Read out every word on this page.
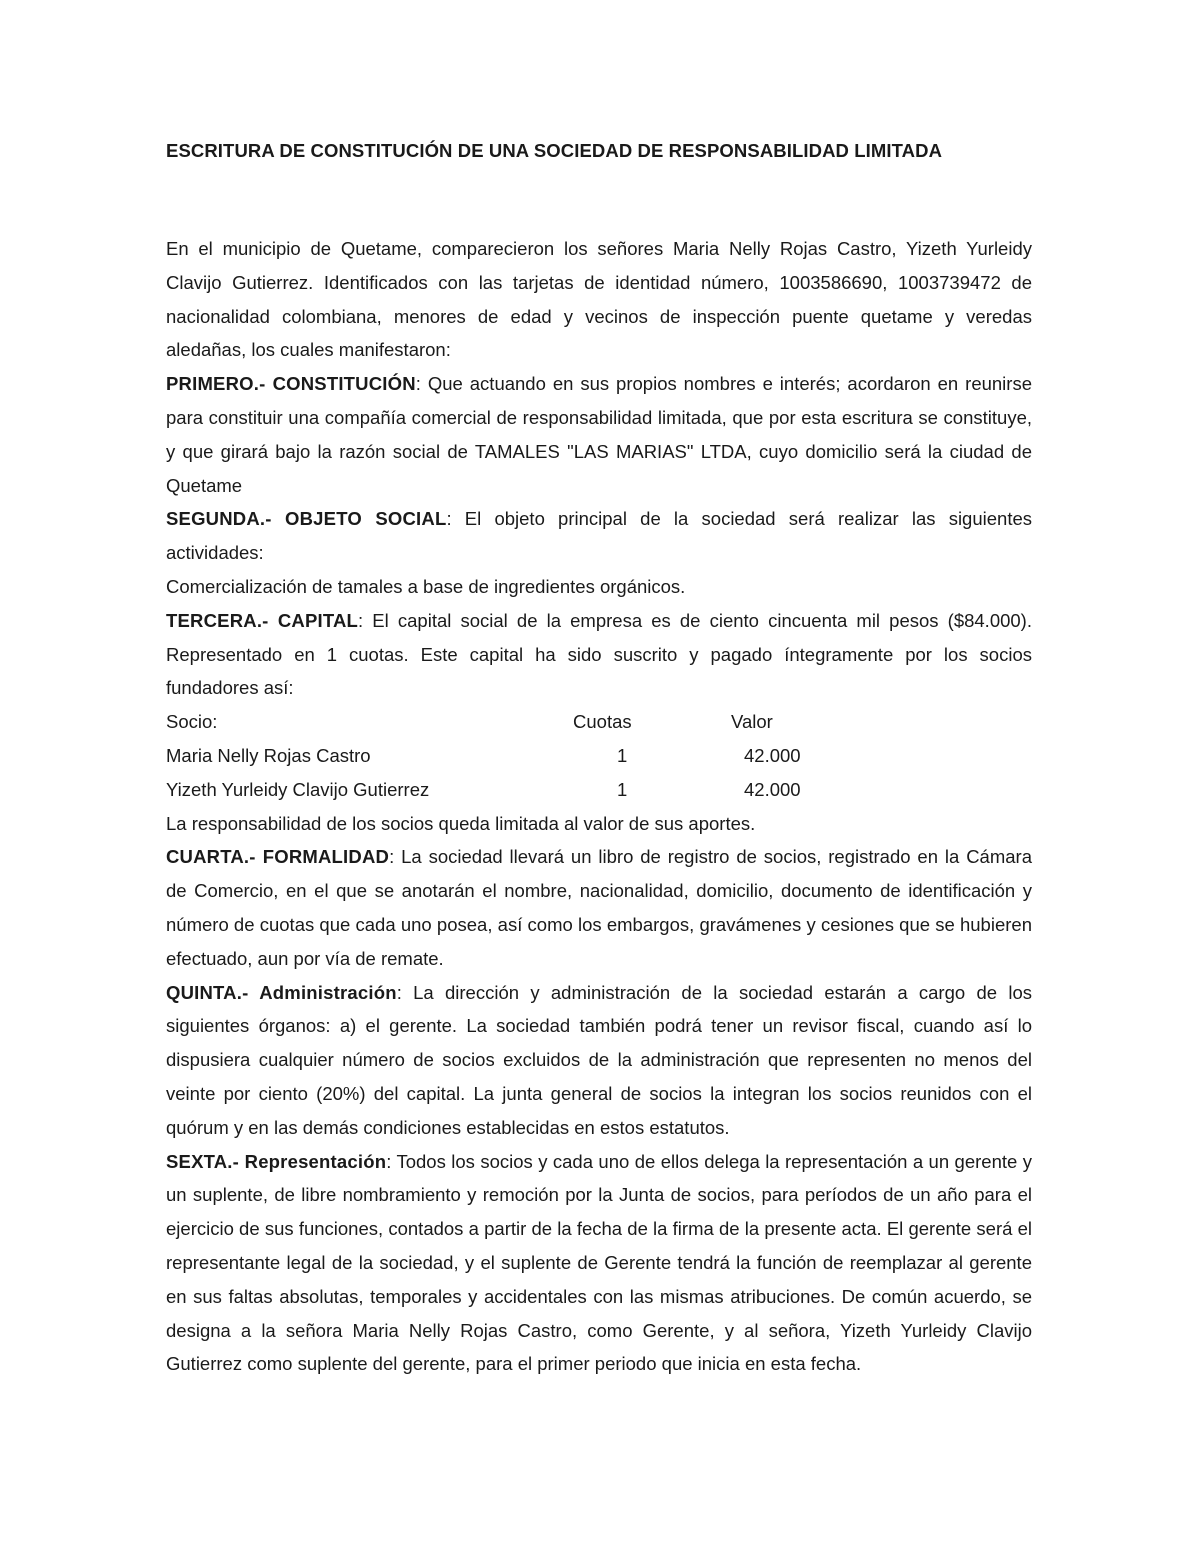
ESCRITURA DE CONSTITUCIÓN DE UNA SOCIEDAD DE RESPONSABILIDAD LIMITADA

En el municipio de Quetame, comparecieron los señores Maria Nelly Rojas Castro, Yizeth Yurleidy Clavijo Gutierrez. Identificados con las tarjetas de identidad número, 1003586690, 1003739472 de nacionalidad colombiana, menores de edad y vecinos de inspección puente quetame y veredas aledañas, los cuales manifestaron:

PRIMERO.- CONSTITUCIÓN: Que actuando en sus propios nombres e interés; acordaron en reunirse para constituir una compañía comercial de responsabilidad limitada, que por esta escritura se constituye, y que girará bajo la razón social de TAMALES "LAS MARIAS" LTDA, cuyo domicilio será la ciudad de Quetame

SEGUNDA.- OBJETO SOCIAL: El objeto principal de la sociedad será realizar las siguientes actividades:

Comercialización de tamales a base de ingredientes orgánicos.

TERCERA.- CAPITAL: El capital social de la empresa es de ciento cincuenta mil pesos ($84.000). Representado en 1 cuotas. Este capital ha sido suscrito y pagado íntegramente por los socios fundadores así:

Socio:	Cuotas	Valor
Maria Nelly Rojas Castro	1	42.000
Yizeth Yurleidy Clavijo Gutierrez	1	42.000

La responsabilidad de los socios queda limitada al valor de sus aportes.

CUARTA.- FORMALIDAD: La sociedad llevará un libro de registro de socios, registrado en la Cámara de Comercio, en el que se anotarán el nombre, nacionalidad, domicilio, documento de identificación y número de cuotas que cada uno posea, así como los embargos, gravámenes y cesiones que se hubieren efectuado, aun por vía de remate.

QUINTA.- Administración: La dirección y administración de la sociedad estarán a cargo de los siguientes órganos: a) el gerente. La sociedad también podrá tener un revisor fiscal, cuando así lo dispusiera cualquier número de socios excluidos de la administración que representen no menos del veinte por ciento (20%) del capital. La junta general de socios la integran los socios reunidos con el quórum y en las demás condiciones establecidas en estos estatutos.

SEXTA.- Representación: Todos los socios y cada uno de ellos delega la representación a un gerente y un suplente, de libre nombramiento y remoción por la Junta de socios, para períodos de un año para el ejercicio de sus funciones, contados a partir de la fecha de la firma de la presente acta. El gerente será el representante legal de la sociedad, y el suplente de Gerente tendrá la función de reemplazar al gerente en sus faltas absolutas, temporales y accidentales con las mismas atribuciones. De común acuerdo, se designa a la señora Maria Nelly Rojas Castro, como Gerente, y al señora, Yizeth Yurleidy Clavijo Gutierrez como suplente del gerente, para el primer periodo que inicia en esta fecha.
